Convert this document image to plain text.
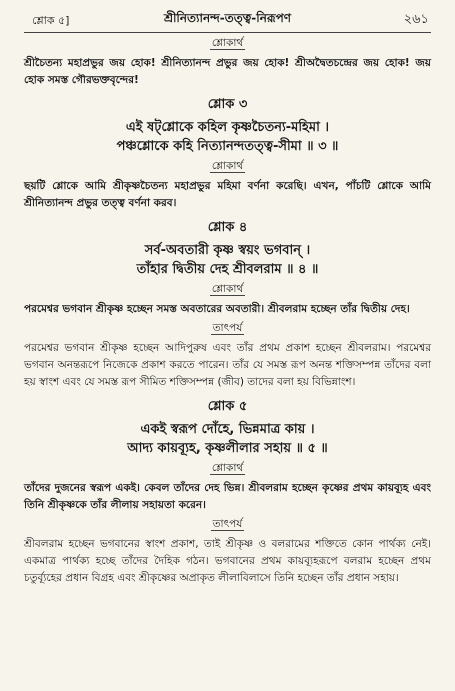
শ্লোক ৫]	শ্রীনিত্যানন্দ-তত্ত্ব-নিরূপণ	২৬১
শ্লোকার্থ
শ্রীচৈতন্য মহাপ্রভুর জয় হোক! শ্রীনিত্যানন্দ প্রভুর জয় হোক! শ্রীঅদ্বৈতচন্দ্রের জয় হোক! জয় হোক সমস্ত গৌরভক্তবৃন্দের!
শ্লোক ৩
এই ষট্‌শ্লোকে কহিল কৃষ্ণচৈতন্য-মহিমা ।
পঞ্চশ্লোকে কহি নিত্যানন্দতত্ত্ব-সীমা ॥ ৩ ॥
শ্লোকার্থ
ছয়টি শ্লোকে আমি শ্রীকৃষ্ণচৈতন্য মহাপ্রভুর মহিমা বর্ণনা করেছি। এখন, পাঁচটি শ্লোকে আমি শ্রীনিত্যানন্দ প্রভুর তত্ত্ব বর্ণনা করব।
শ্লোক ৪
সর্ব-অবতারী কৃষ্ণ স্বয়ং ভগবান্ ।
তাঁহার দ্বিতীয় দেহ শ্রীবলরাম ॥ ৪ ॥
শ্লোকার্থ
পরমেশ্বর ভগবান শ্রীকৃষ্ণ হচ্ছেন সমস্ত অবতারের অবতারী। শ্রীবলরাম হচ্ছেন তাঁর দ্বিতীয় দেহ।
তাৎপর্য
পরমেশ্বর ভগবান শ্রীকৃষ্ণ হচ্ছেন আদিপুরুষ এবং তাঁর প্রথম প্রকাশ হচ্ছেন শ্রীবলরাম। পরমেশ্বর ভগবান অনন্তরূপে নিজেকে প্রকাশ করতে পারেন। তাঁর যে সমস্ত রূপ অনন্ত শক্তিসম্পন্ন তাঁদের বলা হয় স্বাংশ এবং যে সমস্ত রূপ সীমিত শক্তিসম্পন্ন (জীব) তাদের বলা হয় বিভিন্নাংশ।
শ্লোক ৫
একই স্বরূপ দোঁহে, ভিন্নমাত্র কায় ।
আদ্য কায়ব্যূহ, কৃষ্ণলীলার সহায় ॥ ৫ ॥
শ্লোকার্থ
তাঁদের দুজনের স্বরূপ একই। কেবল তাঁদের দেহ ভিন্ন। শ্রীবলরাম হচ্ছেন কৃষ্ণের প্রথম কায়ব্যূহ এবং তিনি শ্রীকৃষ্ণকে তাঁর লীলায় সহায়তা করেন।
তাৎপর্য
শ্রীবলরাম হচ্ছেন ভগবানের স্বাংশ প্রকাশ, তাই শ্রীকৃষ্ণ ও বলরামের শক্তিতে কোন পার্থক্য নেই। একমাত্র পার্থক্য হচ্ছে তাঁদের দৈহিক গঠন। ভগবানের প্রথম কায়ব্যূহরূপে বলরাম হচ্ছেন প্রথম চতুর্ব্যূহের প্রধান বিগ্রহ এবং শ্রীকৃষ্ণের অপ্রাকৃত লীলাবিলাসে তিনি হচ্ছেন তাঁর প্রধান সহায়।
